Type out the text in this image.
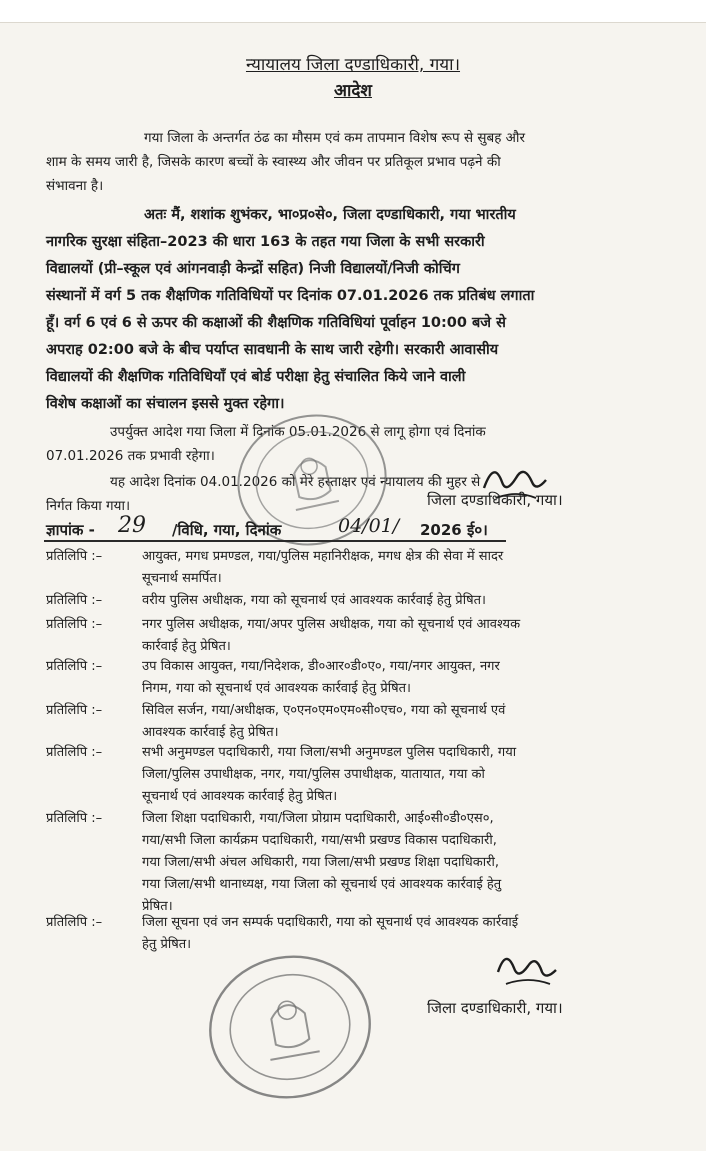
न्यायालय जिला दण्डाधिकारी, गया।
आदेश
गया जिला के अन्तर्गत ठंढ का मौसम एवं कम तापमान विशेष रूप से सुबह और
शाम के समय जारी है, जिसके कारण बच्चों के स्वास्थ्य और जीवन पर प्रतिकूल प्रभाव पढ़ने की
संभावना है।
अतः मैं, शशांक शुभंकर, भा०प्र०से०, जिला दण्डाधिकारी, गया भारतीय
नागरिक सुरक्षा संहिता–2023 की धारा 163 के तहत गया जिला के सभी सरकारी
विद्यालयों (प्री–स्कूल एवं आंगनवाड़ी केन्द्रों सहित) निजी विद्यालयों/निजी कोचिंग
संस्थानों में वर्ग 5 तक शैक्षणिक गतिविधियों पर दिनांक 07.01.2026 तक प्रतिबंध लगाता
हूँ। वर्ग 6 एवं 6 से ऊपर की कक्षाओं की शैक्षणिक गतिविधियां पूर्वाहन 10:00 बजे से
अपराह 02:00 बजे के बीच पर्याप्त सावधानी के साथ जारी रहेगी। सरकारी आवासीय
विद्यालयों की शैक्षणिक गतिविधियाँ एवं बोर्ड परीक्षा हेतु संचालित किये जाने वाली
विशेष कक्षाओं का संचालन इससे मुक्त रहेगा।
उपर्युक्त आदेश गया जिला में दिनांक 05.01.2026 से लागू होगा एवं दिनांक
07.01.2026 तक प्रभावी रहेगा।
यह आदेश दिनांक 04.01.2026 को मेरे हस्ताक्षर एवं न्यायालय की मुहर से
निर्गत किया गया।	जिला दण्डाधिकारी, गया।
ज्ञापांक - 29 /विधि, गया, दिनांक	04/01/ 2026 ई०।
प्रतिलिपि :–	आयुक्त, मगध प्रमण्डल, गया/पुलिस महानिरीक्षक, मगध क्षेत्र की सेवा में सादर
सूचनार्थ समर्पित।
प्रतिलिपि :–	वरीय पुलिस अधीक्षक, गया को सूचनार्थ एवं आवश्यक कार्रवाई हेतु प्रेषित।
प्रतिलिपि :–	नगर पुलिस अधीक्षक, गया/अपर पुलिस अधीक्षक, गया को सूचनार्थ एवं आवश्यक
कार्रवाई हेतु प्रेषित।
प्रतिलिपि :–	उप विकास आयुक्त, गया/निदेशक, डी०आर०डी०ए०, गया/नगर आयुक्त, नगर
निगम, गया को सूचनार्थ एवं आवश्यक कार्रवाई हेतु प्रेषित।
प्रतिलिपि :–	सिविल सर्जन, गया/अधीक्षक, ए०एन०एम०एम०सी०एच०, गया को सूचनार्थ एवं
आवश्यक कार्रवाई हेतु प्रेषित।
प्रतिलिपि :–	सभी अनुमण्डल पदाधिकारी, गया जिला/सभी अनुमण्डल पुलिस पदाधिकारी, गया
जिला/पुलिस उपाधीक्षक, नगर, गया/पुलिस उपाधीक्षक, यातायात, गया को
सूचनार्थ एवं आवश्यक कार्रवाई हेतु प्रेषित।
प्रतिलिपि :–	जिला शिक्षा पदाधिकारी, गया/जिला प्रोग्राम पदाधिकारी, आई०सी०डी०एस०,
गया/सभी जिला कार्यक्रम पदाधिकारी, गया/सभी प्रखण्ड विकास पदाधिकारी,
गया जिला/सभी अंचल अधिकारी, गया जिला/सभी प्रखण्ड शिक्षा पदाधिकारी,
गया जिला/सभी थानाध्यक्ष, गया जिला को सूचनार्थ एवं आवश्यक कार्रवाई हेतु
प्रेषित।
प्रतिलिपि :–	जिला सूचना एवं जन सम्पर्क पदाधिकारी, गया को सूचनार्थ एवं आवश्यक कार्रवाई
हेतु प्रेषित।
जिला दण्डाधिकारी, गया।
